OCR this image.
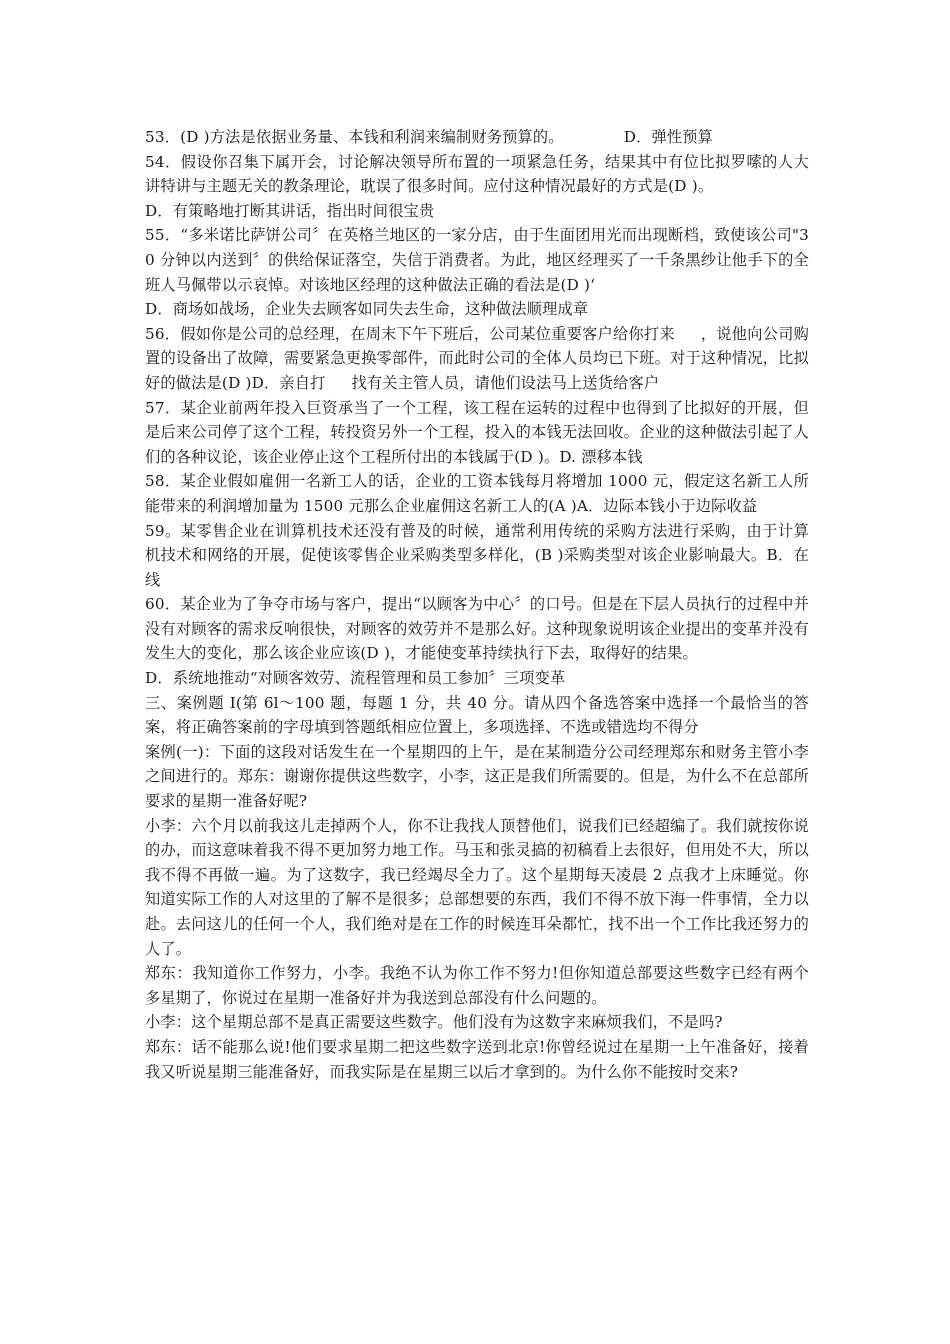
53．(D )方法是依据业务量、本钱和利润来编制财务预算的。	D．弹性预算

54．假设你召集下属开会，讨论解决领导所布置的一项紧急任务，结果其中有位比拟罗嗦的人大讲特讲与主题无关的教条理论，耽误了很多时间。应付这种情况最好的方式是(D )。

D．有策略地打断其讲话，指出时间很宝贵

55．“多米诺比萨饼公司〞在英格兰地区的一家分店，由于生面团用光而出现断档，致使该公司"30 分钟以内送到〞的供给保证落空，失信于消费者。为此，地区经理买了一千条黑纱让他手下的全班人马佩带以示哀悼。对该地区经理的这种做法正确的看法是(D )‘

D．商场如战场，企业失去顾客如同失去生命，这种做法顺理成章

56．假如你是公司的总经理，在周末下午下班后，公司某位重要客户给你打来 ，说他向公司购置的设备出了故障，需要紧急更换零部件，而此时公司的全体人员均已下班。对于这种情况，比拟好的做法是(D )D．亲自打 找有关主管人员，请他们设法马上送货给客户

57．某企业前两年投入巨资承当了一个工程，该工程在运转的过程中也得到了比拟好的开展，但是后来公司停了这个工程，转投资另外一个工程，投入的本钱无法回收。企业的这种做法引起了人们的各种议论，该企业停止这个工程所付出的本钱属于(D )。D. 漂移本钱

58．某企业假如雇佣一名新工人的话，企业的工资本钱每月将增加 1000 元，假定这名新工人所能带来的利润增加量为 1500 元那么企业雇佣这名新工人的(A )A．边际本钱小于边际收益

59。某零售企业在训算机技术还没有普及的时候，通常利用传统的采购方法进行采购，由于计算机技术和网络的开展，促使该零售企业采购类型多样化，(B )采购类型对该企业影响最大。B．在线

60．某企业为了争夺市场与客户，提出“以顾客为中心〞的口号。但是在下层人员执行的过程中并没有对顾客的需求反响很快，对顾客的效劳并不是那么好。这种现象说明该企业提出的变革并没有发生大的变化，那么该企业应该(D )，才能使变革持续执行下去，取得好的结果。

D．系统地推动“对顾客效劳、流程管理和员工参加〞三项变革

三、案例题 I(第 6l～100 题，每题 1 分，共 40 分。请从四个备选答案中选择一个最恰当的答案，将正确答案前的字母填到答题纸相应位置上，多项选择、不选或错选均不得分

案例(一)：下面的这段对话发生在一个星期四的上午，是在某制造分公司经理郑东和财务主管小李之间进行的。郑东：谢谢你提供这些数字，小李，这正是我们所需要的。但是，为什么不在总部所要求的星期一准备好呢?

小李：六个月以前我这儿走掉两个人，你不让我找人顶替他们，说我们已经超编了。我们就按你说的办，而这意味着我不得不更加努力地工作。马玉和张灵搞的初稿看上去很好，但用处不大，所以我不得不再做一遍。为了这数字，我已经竭尽全力了。这个星期每天凌晨 2 点我才上床睡觉。你知道实际工作的人对这里的了解不是很多；总部想要的东西，我们不得不放下海一件事情，全力以赴。去问这儿的任何一个人，我们绝对是在工作的时候连耳朵都忙，找不出一个工作比我还努力的人了。

郑东：我知道你工作努力，小李。我绝不认为你工作不努力!但你知道总部要这些数字已经有两个多星期了，你说过在星期一准备好并为我送到总部没有什么问题的。

小李：这个星期总部不是真正需要这些数字。他们没有为这数字来麻烦我们，不是吗?

郑东：话不能那么说!他们要求星期二把这些数字送到北京!你曾经说过在星期一上午准备好，接着我又听说星期三能准备好，而我实际是在星期三以后才拿到的。为什么你不能按时交来?
